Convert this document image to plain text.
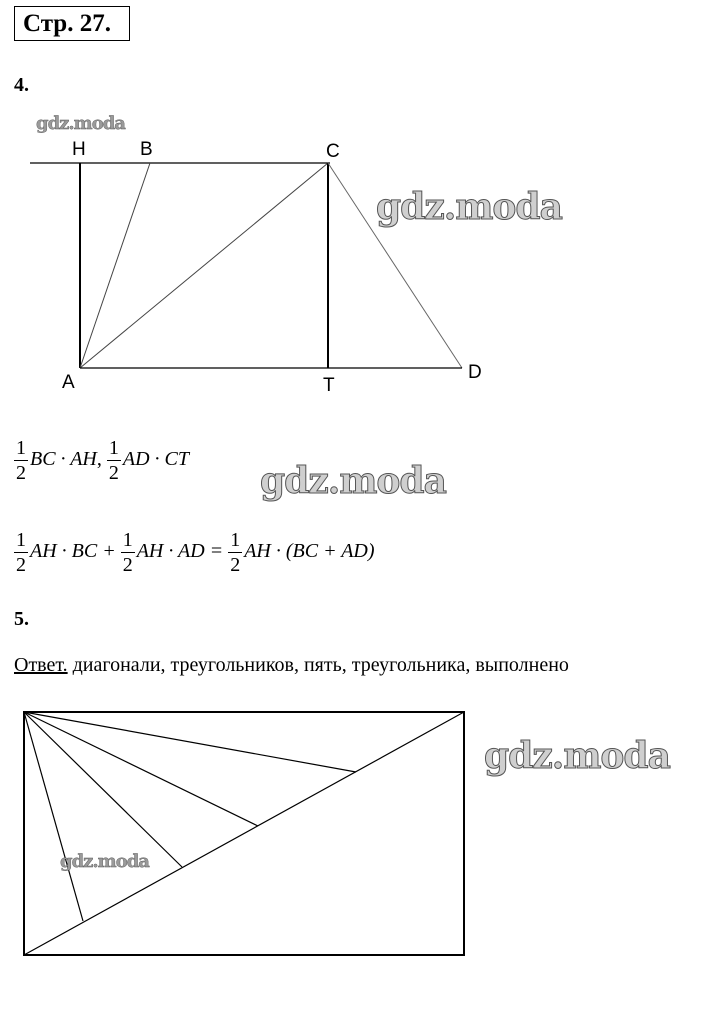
Стр. 27.
4.
H	B	C
A	T
D
gdz.moda
gdz.moda
$\frac{1}{2}$ BC · AH, $\frac{1}{2}$ AD · CT
gdz.moda
$\frac{1}{2}$ AH · BC + $\frac{1}{2}$ AH · AD = $\frac{1}{2}$ AH · (BC + AD)
5.
Ответ. диагонали, треугольников, пять, треугольника, выполнено
gdz.moda
gdz.moda
